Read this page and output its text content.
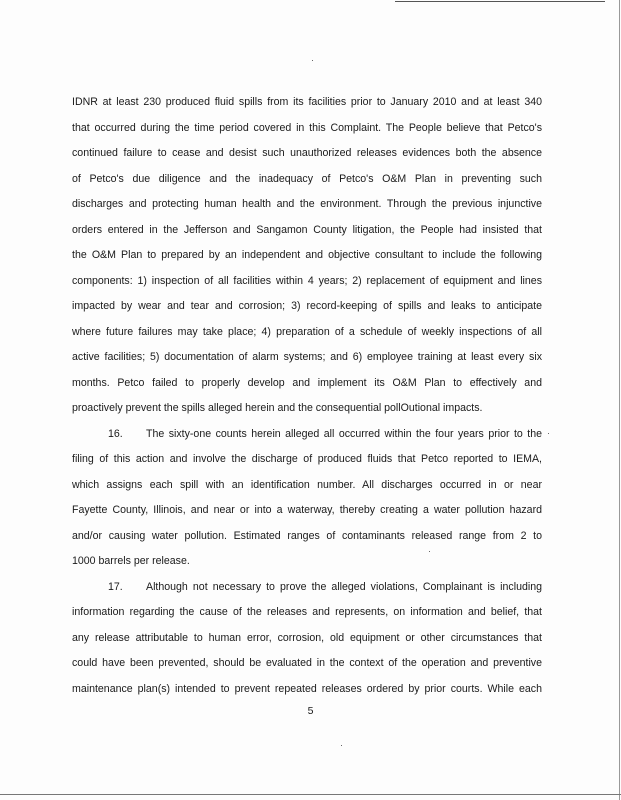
IDNR at least 230 produced fluid spills from its facilities prior to January 2010 and at least 340
that occurred during the time period covered in this Complaint. The People believe that Petco's
continued failure to cease and desist such unauthorized releases evidences both the absence
of Petco's due diligence and the inadequacy of Petco's O&M Plan in preventing such
discharges and protecting human health and the environment. Through the previous injunctive
orders entered in the Jefferson and Sangamon County litigation, the People had insisted that
the O&M Plan to prepared by an independent and objective consultant to include the following
components: 1) inspection of all facilities within 4 years; 2) replacement of equipment and lines
impacted by wear and tear and corrosion; 3) record-keeping of spills and leaks to anticipate
where future failures may take place; 4) preparation of a schedule of weekly inspections of all
active facilities; 5) documentation of alarm systems; and 6) employee training at least every six
months. Petco failed to properly develop and implement its O&M Plan to effectively and
proactively prevent the spills alleged herein and the consequential pollOutional impacts.
16. The sixty-one counts herein alleged all occurred within the four years prior to the
filing of this action and involve the discharge of produced fluids that Petco reported to IEMA,
which assigns each spill with an identification number. All discharges occurred in or near
Fayette County, Illinois, and near or into a waterway, thereby creating a water pollution hazard
and/or causing water pollution. Estimated ranges of contaminants released range from 2 to
1000 barrels per release.
17. Although not necessary to prove the alleged violations, Complainant is including
information regarding the cause of the releases and represents, on information and belief, that
any release attributable to human error, corrosion, old equipment or other circumstances that
could have been prevented, should be evaluated in the context of the operation and preventive
maintenance plan(s) intended to prevent repeated releases ordered by prior courts. While each
5
